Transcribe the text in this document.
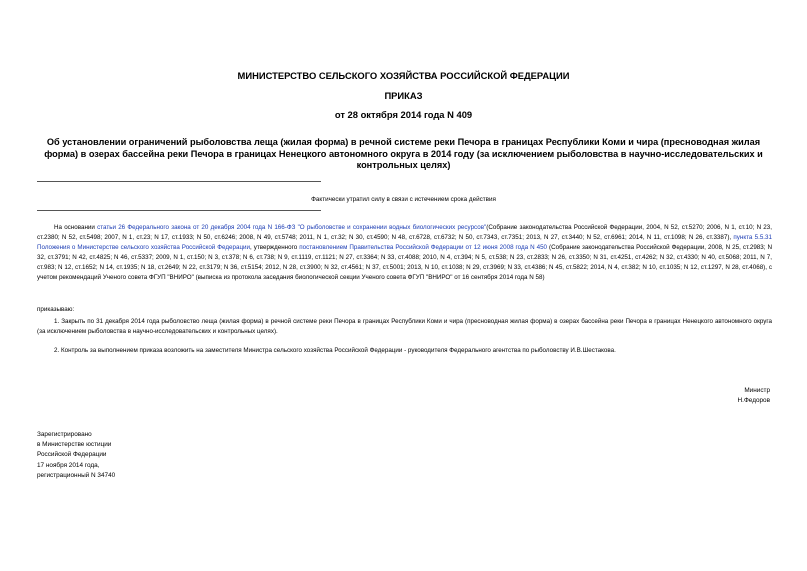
МИНИСТЕРСТВО СЕЛЬСКОГО ХОЗЯЙСТВА РОССИЙСКОЙ ФЕДЕРАЦИИ
ПРИКАЗ
от 28 октября 2014 года N 409
Об установлении ограничений рыболовства леща (жилая форма) в речной системе реки Печора в границах Республики Коми и чира (пресноводная жилая форма) в озерах бассейна реки Печора в границах Ненецкого автономного округа в 2014 году (за исключением рыболовства в научно-исследовательских и контрольных целях)
Фактически утратил силу в связи с истечением срока действия
На основании статьи 26 Федерального закона от 20 декабря 2004 года N 166-ФЗ "О рыболовстве и сохранении водных биологических ресурсов"(Собрание законодательства Российской Федерации, 2004, N 52, ст.5270; 2006, N 1, ст.10; N 23, ст.2380; N 52, ст.5498; 2007, N 1, ст.23; N 17, ст.1933; N 50, ст.6246; 2008, N 49, ст.5748; 2011, N 1, ст.32; N 30, ст.4590; N 48, ст.6728, ст.6732; N 50, ст.7343, ст.7351; 2013, N 27, ст.3440; N 52, ст.6961; 2014, N 11, ст.1098; N 26, ст.3387), пункта 5.5.31 Положения о Министерстве сельского хозяйства Российской Федерации, утвержденного постановлением Правительства Российской Федерации от 12 июня 2008 года N 450 (Собрание законодательства Российской Федерации, 2008, N 25, ст.2983; N 32, ст.3791; N 42, ст.4825; N 46, ст.5337; 2009, N 1, ст.150; N 3, ст.378; N 6, ст.738; N 9, ст.1119, ст.1121; N 27, ст.3364; N 33, ст.4088; 2010, N 4, ст.394; N 5, ст.538; N 23, ст.2833; N 26, ст.3350; N 31, ст.4251, ст.4262; N 32, ст.4330; N 40, ст.5068; 2011, N 7, ст.983; N 12, ст.1652; N 14, ст.1935; N 18, ст.2649; N 22, ст.3179; N 36, ст.5154; 2012, N 28, ст.3900; N 32, ст.4561; N 37, ст.5001; 2013, N 10, ст.1038; N 29, ст.3969; N 33, ст.4386; N 45, ст.5822; 2014, N 4, ст.382; N 10, ст.1035; N 12, ст.1297, N 28, ст.4068), с учетом рекомендаций Ученого совета ФГУП "ВНИРО" (выписка из протокола заседания биологической секции Ученого совета ФГУП "ВНИРО" от 16 сентября 2014 года N 58)
приказываю:
1. Закрыть по 31 декабря 2014 года рыболовство леща (жилая форма) в речной системе реки Печора в границах Республики Коми и чира (пресноводная жилая форма) в озерах бассейна реки Печора в границах Ненецкого автономного округа (за исключением рыболовства в научно-исследовательских и контрольных целях).
2. Контроль за выполнением приказа возложить на заместителя Министра сельского хозяйства Российской Федерации - руководителя Федерального агентства по рыболовству И.В.Шестакова.
Министр
Н.Федоров
Зарегистрировано
в Министерстве юстиции
Российской Федерации
17 ноября 2014 года,
регистрационный N 34740
